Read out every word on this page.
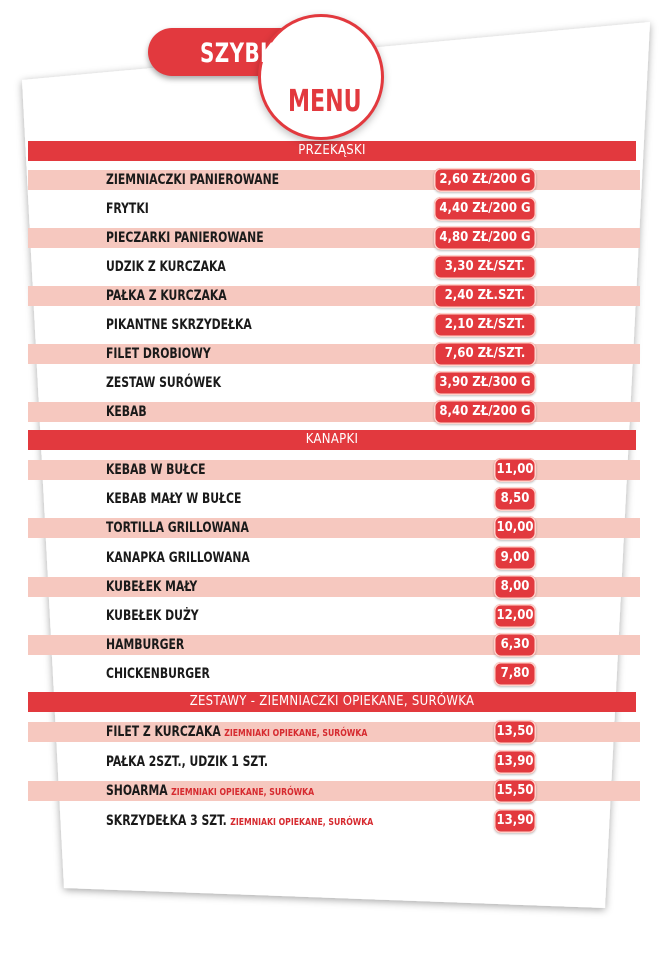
SZYBKIE
MENU
PRZEKĄSKI
ZIEMNIACZKI PANIEROWANE	2,60 ZŁ/200 G
FRYTKI	4,40 ZŁ/200 G
PIECZARKI PANIEROWANE	4,80 ZŁ/200 G
UDZIK Z KURCZAKA	3,30 ZŁ/SZT.
PAŁKA Z KURCZAKA	2,40 ZŁ.SZT.
PIKANTNE SKRZYDEŁKA	2,10 ZŁ/SZT.
FILET DROBIOWY	7,60 ZŁ/SZT.
ZESTAW SURÓWEK	3,90 ZŁ/300 G
KEBAB	8,40 ZŁ/200 G
KANAPKI
KEBAB W BUŁCE	11,00
KEBAB MAŁY W BUŁCE	8,50
TORTILLA GRILLOWANA	10,00
KANAPKA GRILLOWANA	9,00
KUBEŁEK MAŁY	8,00
KUBEŁEK DUŻY	12,00
HAMBURGER	6,30
CHICKENBURGER	7,80
ZESTAWY - ZIEMNIACZKI OPIEKANE, SURÓWKA
FILET Z KURCZAKA ZIEMNIAKI OPIEKANE, SURÓWKA	13,50
PAŁKA 2SZT., UDZIK 1 SZT.	13,90
SHOARMA ZIEMNIAKI OPIEKANE, SURÓWKA	15,50
SKRZYDEŁKA 3 SZT. ZIEMNIAKI OPIEKANE, SURÓWKA	13,90
